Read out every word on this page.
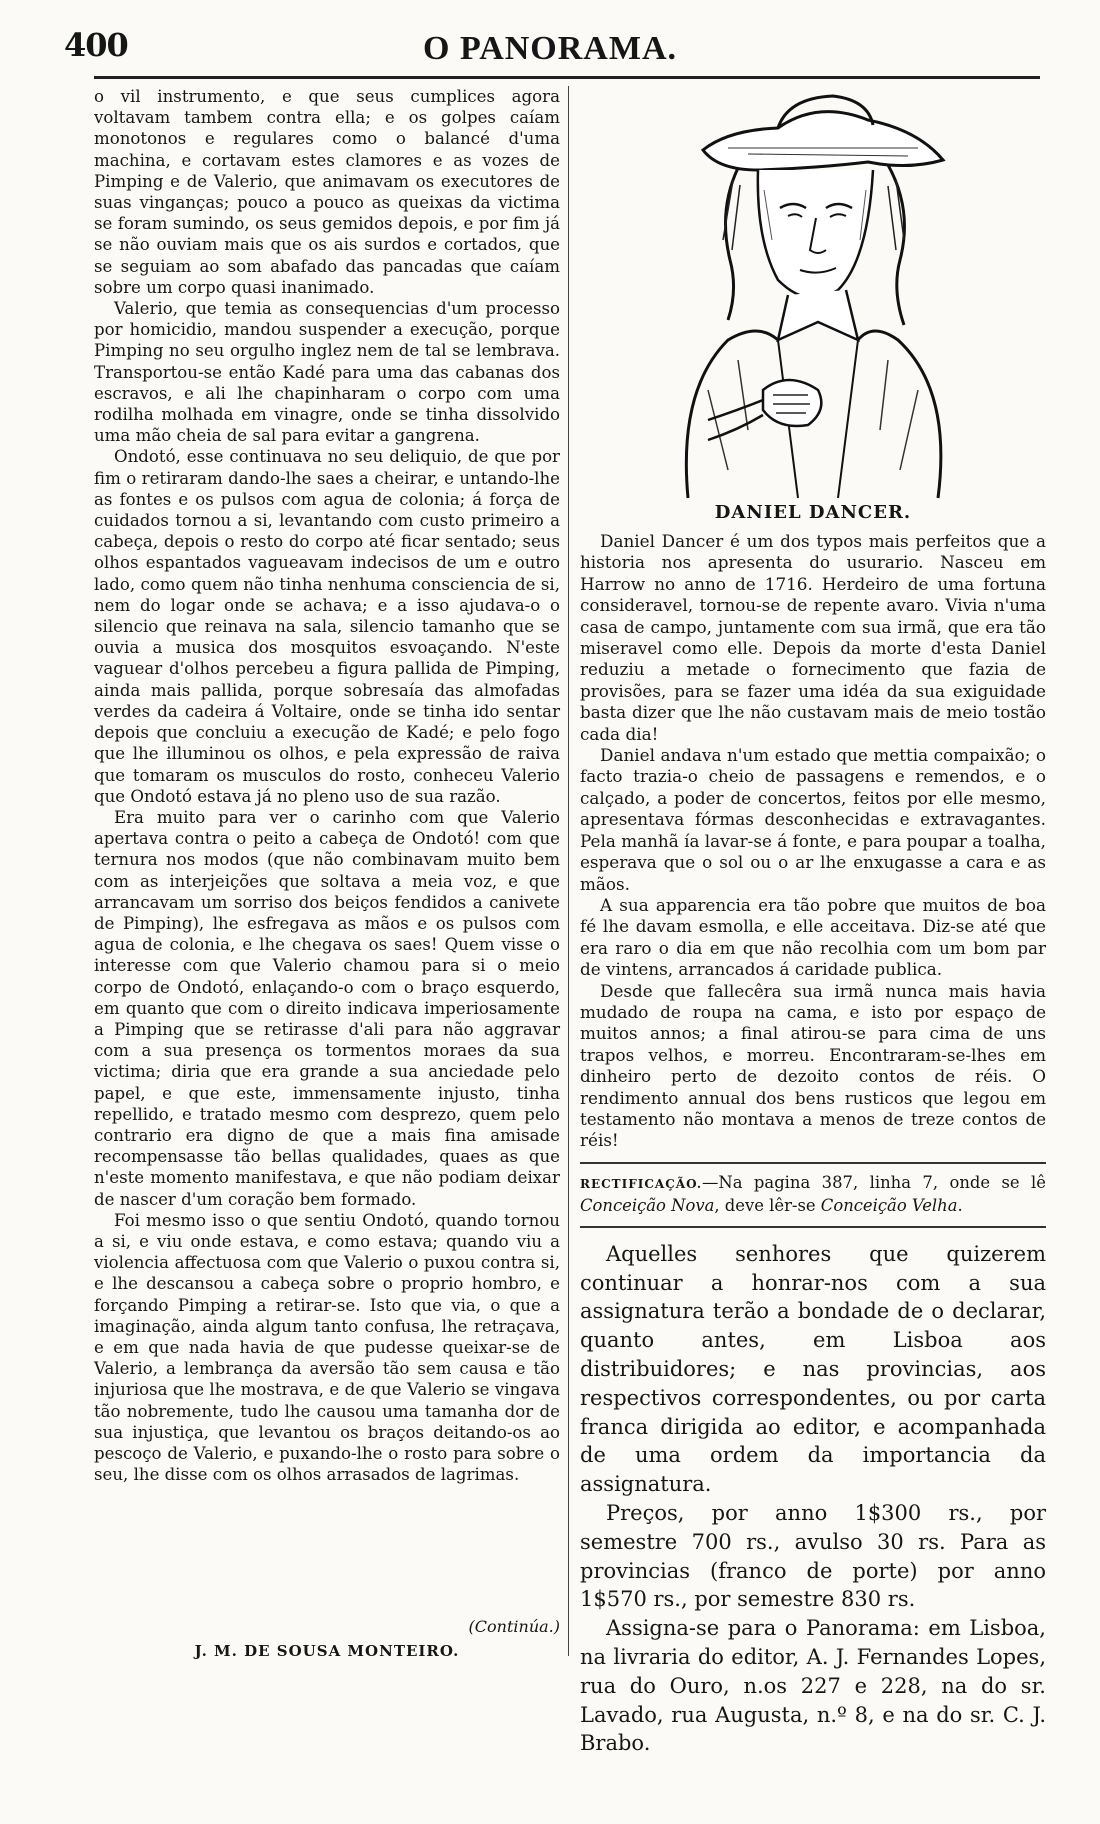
400	O PANORAMA.

o vil instrumento, e que seus cumplices agora voltavam tambem contra ella; e os golpes caíam monotonos e regulares como o balancé d'uma machina, e cortavam estes clamores e as vozes de Pimping e de Valerio, que animavam os executores de suas vinganças; pouco a pouco as queixas da victima se foram sumindo, os seus gemidos depois, e por fim já se não ouviam mais que os ais surdos e cortados, que se seguiam ao som abafado das pancadas que caíam sobre um corpo quasi inanimado.

Valerio, que temia as consequencias d'um processo por homicidio, mandou suspender a execução, porque Pimping no seu orgulho inglez nem de tal se lembrava. Transportou-se então Kadé para uma das cabanas dos escravos, e ali lhe chapinharam o corpo com uma rodilha molhada em vinagre, onde se tinha dissolvido uma mão cheia de sal para evitar a gangrena.

Ondotó, esse continuava no seu deliquio, de que por fim o retiraram dando-lhe saes a cheirar, e untando-lhe as fontes e os pulsos com agua de colonia; á força de cuidados tornou a si, levantando com custo primeiro a cabeça, depois o resto do corpo até ficar sentado; seus olhos espantados vagueavam indecisos de um e outro lado, como quem não tinha nenhuma consciencia de si, nem do logar onde se achava; e a isso ajudava-o o silencio que reinava na sala, silencio tamanho que se ouvia a musica dos mosquitos esvoaçando. N'este vaguear d'olhos percebeu a figura pallida de Pimping, ainda mais pallida, porque sobresaía das almofadas verdes da cadeira á Voltaire, onde se tinha ido sentar depois que concluiu a execução de Kadé; e pelo fogo que lhe illuminou os olhos, e pela expressão de raiva que tomaram os musculos do rosto, conheceu Valerio que Ondotó estava já no pleno uso de sua razão.

Era muito para ver o carinho com que Valerio apertava contra o peito a cabeça de Ondotó! com que ternura nos modos (que não combinavam muito bem com as interjeições que soltava a meia voz, e que arrancavam um sorriso dos beiços fendidos a canivete de Pimping), lhe esfregava as mãos e os pulsos com agua de colonia, e lhe chegava os saes! Quem visse o interesse com que Valerio chamou para si o meio corpo de Ondotó, enlaçando-o com o braço esquerdo, em quanto que com o direito indicava imperiosamente a Pimping que se retirasse d'ali para não aggravar com a sua presença os tormentos moraes da sua victima; diria que era grande a sua anciedade pelo papel, e que este, immensamente injusto, tinha repellido, e tratado mesmo com desprezo, quem pelo contrario era digno de que a mais fina amisade recompensasse tão bellas qualidades, quaes as que n'este momento manifestava, e que não podiam deixar de nascer d'um coração bem formado.

Foi mesmo isso o que sentiu Ondotó, quando tornou a si, e viu onde estava, e como estava; quando viu a violencia affectuosa com que Valerio o puxou contra si, e lhe descansou a cabeça sobre o proprio hombro, e forçando Pimping a retirar-se. Isto que via, o que a imaginação, ainda algum tanto confusa, lhe retraçava, e em que nada havia de que pudesse queixar-se de Valerio, a lembrança da aversão tão sem causa e tão injuriosa que lhe mostrava, e de que Valerio se vingava tão nobremente, tudo lhe causou uma tamanha dor de sua injustiça, que levantou os braços deitando-os ao pescoço de Valerio, e puxando-lhe o rosto para sobre o seu, lhe disse com os olhos arrasados de lagrimas.

(Continúa.)
J. M. DE SOUSA MONTEIRO.
DANIEL DANCER.

Daniel Dancer é um dos typos mais perfeitos que a historia nos apresenta do usurario. Nasceu em Harrow no anno de 1716. Herdeiro de uma fortuna consideravel, tornou-se de repente avaro. Vivia n'uma casa de campo, juntamente com sua irmã, que era tão miseravel como elle. Depois da morte d'esta Daniel reduziu a metade o fornecimento que fazia de provisões, para se fazer uma idéa da sua exiguidade basta dizer que lhe não custavam mais de meio tostão cada dia!

Daniel andava n'um estado que mettia compaixão; o facto trazia-o cheio de passagens e remendos, e o calçado, a poder de concertos, feitos por elle mesmo, apresentava fórmas desconhecidas e extravagantes. Pela manhã ía lavar-se á fonte, e para poupar a toalha, esperava que o sol ou o ar lhe enxugasse a cara e as mãos.

A sua apparencia era tão pobre que muitos de boa fé lhe davam esmolla, e elle acceitava. Diz-se até que era raro o dia em que não recolhia com um bom par de vintens, arrancados á caridade publica.

Desde que fallecêra sua irmã nunca mais havia mudado de roupa na cama, e isto por espaço de muitos annos; a final atirou-se para cima de uns trapos velhos, e morreu. Encontraram-se-lhes em dinheiro perto de dezoito contos de réis. O rendimento annual dos bens rusticos que legou em testamento não montava a menos de treze contos de réis!

RECTIFICAÇÃO.—Na pagina 387, linha 7, onde se lê Conceição Nova, deve lêr-se Conceição Velha.

Aquelles senhores que quizerem continuar a honrar-nos com a sua assignatura terão a bondade de o declarar, quanto antes, em Lisboa aos distribuidores; e nas provincias, aos respectivos correspondentes, ou por carta franca dirigida ao editor, e acompanhada de uma ordem da importancia da assignatura.

Preços, por anno 1$300 rs., por semestre 700 rs., avulso 30 rs. Para as provincias (franco de porte) por anno 1$570 rs., por semestre 830 rs.

Assigna-se para o Panorama: em Lisboa, na livraria do editor, A. J. Fernandes Lopes, rua do Ouro, n.os 227 e 228, na do sr. Lavado, rua Augusta, n.º 8, e na do sr. C. J. Brabo.
